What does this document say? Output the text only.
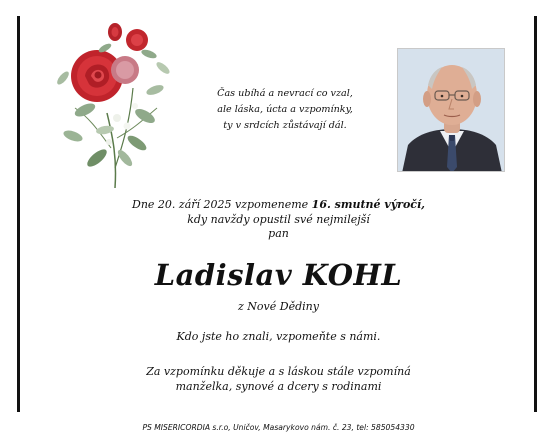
Čas ubíhá a nevrací co vzal,
ale láska, úcta a vzpomínky,
ty v srdcích zůstávají dál.
Dne 20. září 2025 vzpomeneme 16. smutné výročí,
kdy navždy opustil své nejmilejší
pan
Ladislav KOHL
z Nové Dědiny
Kdo jste ho znali, vzpomeňte s námi.
Za vzpomínku děkuje a s láskou stále vzpomíná
manželka, synové a dcery s rodinami
PS MISERICORDIA s.r.o, Uničov, Masarykovo nám. č. 23, tel: 585054330
